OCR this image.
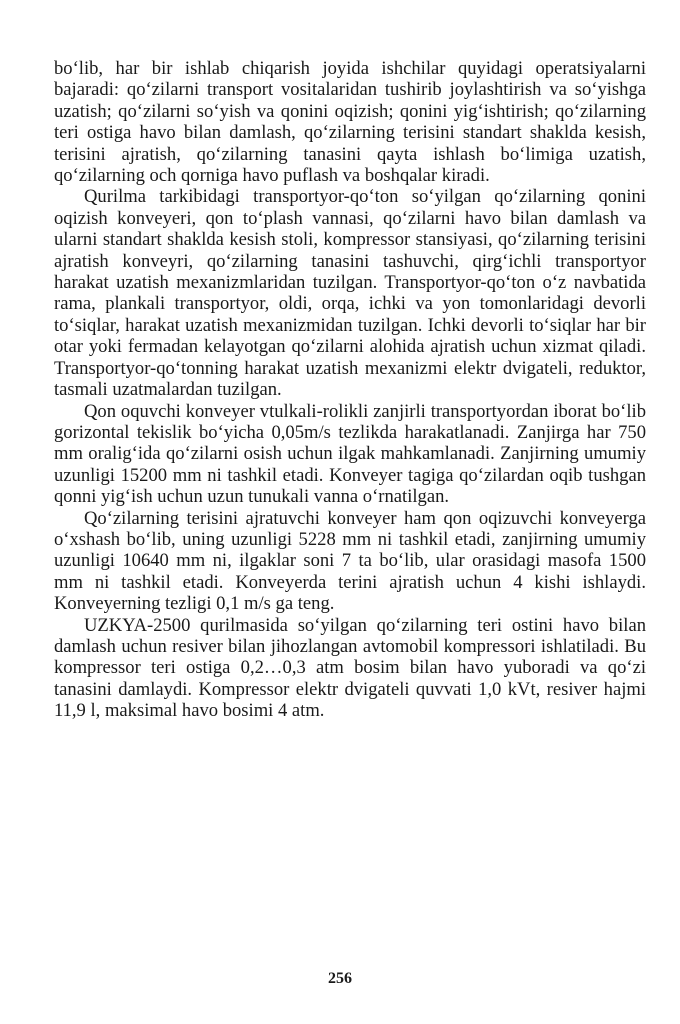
bo‘lib, har bir ishlab chiqarish joyida ishchilar quyidagi operatsiyalarni bajaradi: qo‘zilarni transport vositalaridan tushirib joylashtirish va so‘yishga uzatish; qo‘zilarni so‘yish va qonini oqizish; qonini yig‘ishtirish; qo‘zilarning teri ostiga havo bilan damlash, qo‘zilarning terisini standart shaklda kesish, terisini ajratish, qo‘zilarning tanasini qayta ishlash bo‘limiga uzatish, qo‘zilarning och qorniga havo puflash va boshqalar kiradi.

Qurilma tarkibidagi transportyor-qo‘ton so‘yilgan qo‘zilarning qonini oqizish konveyeri, qon to‘plash vannasi, qo‘zilarni havo bilan damlash va ularni standart shaklda kesish stoli, kompressor stansiyasi, qo‘zilarning terisini ajratish konveyri, qo‘zilarning tanasini tashuvchi, qirg‘ichli transportyor harakat uzatish mexanizmlaridan tuzilgan. Transportyor-qo‘ton o‘z navbatida rama, plankali transportyor, oldi, orqa, ichki va yon tomonlaridagi devorli to‘siqlar, harakat uzatish mexanizmidan tuzilgan. Ichki devorli to‘siqlar har bir otar yoki fermadan kelayotgan qo‘zilarni alohida ajratish uchun xizmat qiladi. Transportyor-qo‘tonning harakat uzatish mexanizmi elektr dvigateli, reduktor, tasmali uzatmalardan tuzilgan.

Qon oquvchi konveyer vtulkali-rolikli zanjirli transportyordan iborat bo‘lib gorizontal tekislik bo‘yicha 0,05m/s tezlikda harakatlanadi. Zanjirga har 750 mm oralig‘ida qo‘zilarni osish uchun ilgak mahkamlanadi. Zanjirning umumiy uzunligi 15200 mm ni tashkil etadi. Konveyer tagiga qo‘zilardan oqib tushgan qonni yig‘ish uchun uzun tunukali vanna o‘rnatilgan.

Qo‘zilarning terisini ajratuvchi konveyer ham qon oqizuvchi konveyerga o‘xshash bo‘lib, uning uzunligi 5228 mm ni tashkil etadi, zanjirning umumiy uzunligi 10640 mm ni, ilgaklar soni 7 ta bo‘lib, ular orasidagi masofa 1500 mm ni tashkil etadi. Konveyerda terini ajratish uchun 4 kishi ishlaydi. Konveyerning tezligi 0,1 m/s ga teng.

UZKYA-2500 qurilmasida so‘yilgan qo‘zilarning teri ostini havo bilan damlash uchun resiver bilan jihozlangan avtomobil kompressori ishlatiladi. Bu kompressor teri ostiga 0,2…0,3 atm bosim bilan havo yuboradi va qo‘zi tanasini damlaydi. Kompressor elektr dvigateli quvvati 1,0 kVt, resiver hajmi 11,9 l, maksimal havo bosimi 4 atm.

256
